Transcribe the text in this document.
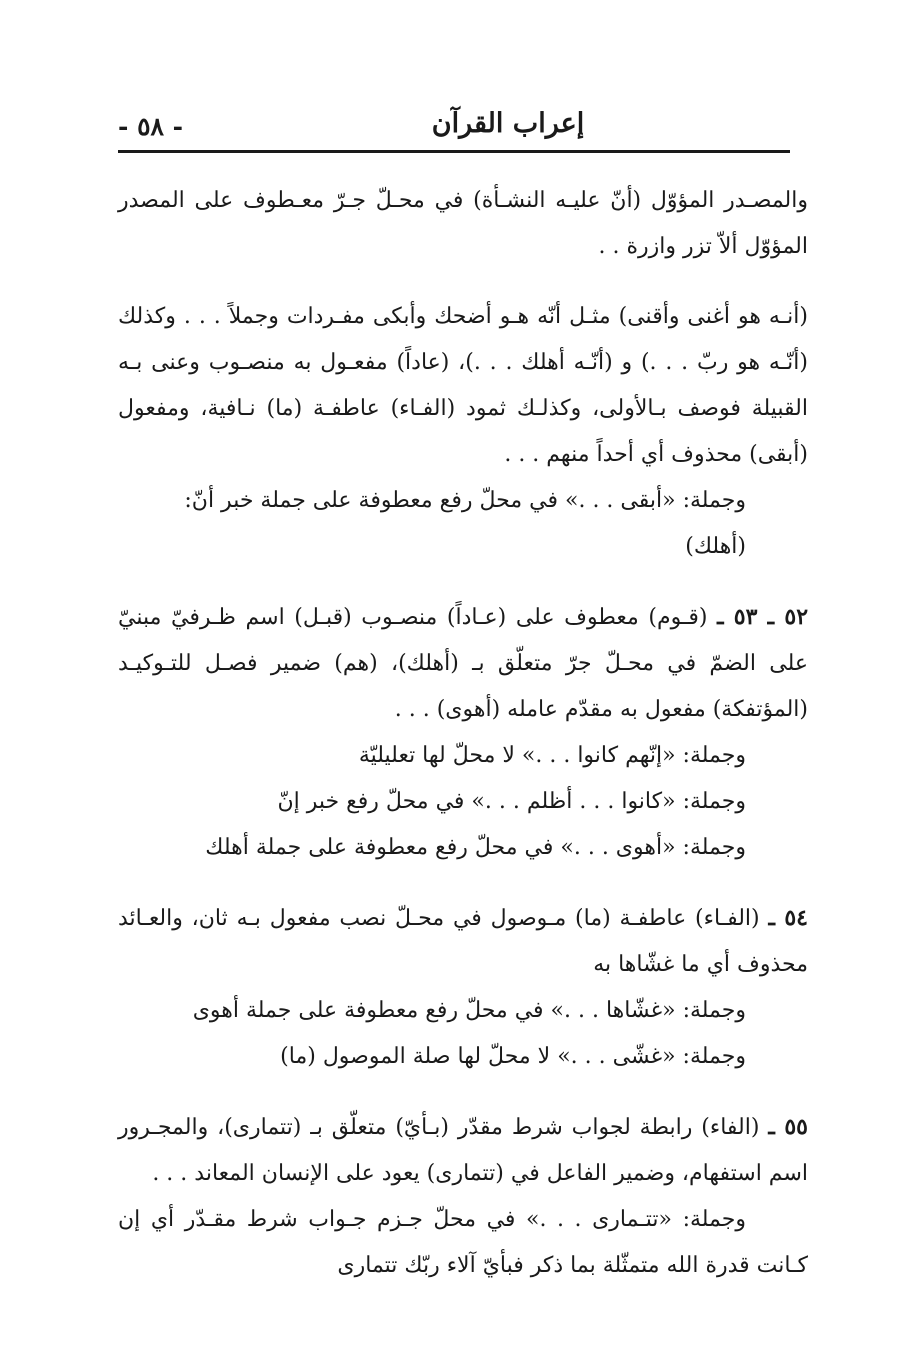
- ٥٨ -	إعراب القرآن

والمصـدر المؤوّل (أنّ عليـه النشـأة) في محـلّ جـرّ معـطوف على المصدر المؤوّل ألاّ تزر وازرة . .

(أنـه هو أغنى وأقنى) مثـل أنّه هـو أضحك وأبكى مفـردات وجملاً . . . وكذلك (أنّـه هو ربّ . . .) و (أنّـه أهلك . . .)، (عاداً) مفعـول به منصـوب وعنى بـه القبيلة فوصف بـالأولى، وكذلـك ثمود (الفـاء) عاطفـة (ما) نـافية، ومفعول (أبقى) محذوف أي أحداً منهم . . .

وجملة: «أبقى . . .» في محلّ رفع معطوفة على جملة خبر أنّ: (أهلك)

٥٢ ـ ٥٣ ـ (قـوم) معطوف على (عـاداً) منصـوب (قبـل) اسم ظـرفيّ مبنيّ على الضمّ في محـلّ جرّ متعلّق بـ (أهلك)، (هم) ضمير فصـل للتـوكيـد (المؤتفكة) مفعول به مقدّم عامله (أهوى) . . .

وجملة: «إنّهم كانوا . . .» لا محلّ لها تعليليّة

وجملة: «كانوا . . . أظلم . . .» في محلّ رفع خبر إنّ

وجملة: «أهوى . . .» في محلّ رفع معطوفة على جملة أهلك

٥٤ ـ (الفـاء) عاطفـة (ما) مـوصول في محـلّ نصب مفعول بـه ثان، والعـائد محذوف أي ما غشّاها به

وجملة: «غشّاها . . .» في محلّ رفع معطوفة على جملة أهوى

وجملة: «غشّى . . .» لا محلّ لها صلة الموصول (ما)

٥٥ ـ (الفاء) رابطة لجواب شرط مقدّر (بـأيّ) متعلّق بـ (تتمارى)، والمجـرور اسم استفهام، وضمير الفاعل في (تتمارى) يعود على الإنسان المعاند . . .

وجملة: «تتـمارى . . .» في محلّ جـزم جـواب شرط مقـدّر أي إن كـانت قدرة الله متمثّلة بما ذكر فبأيّ آلاء ربّك تتمارى
